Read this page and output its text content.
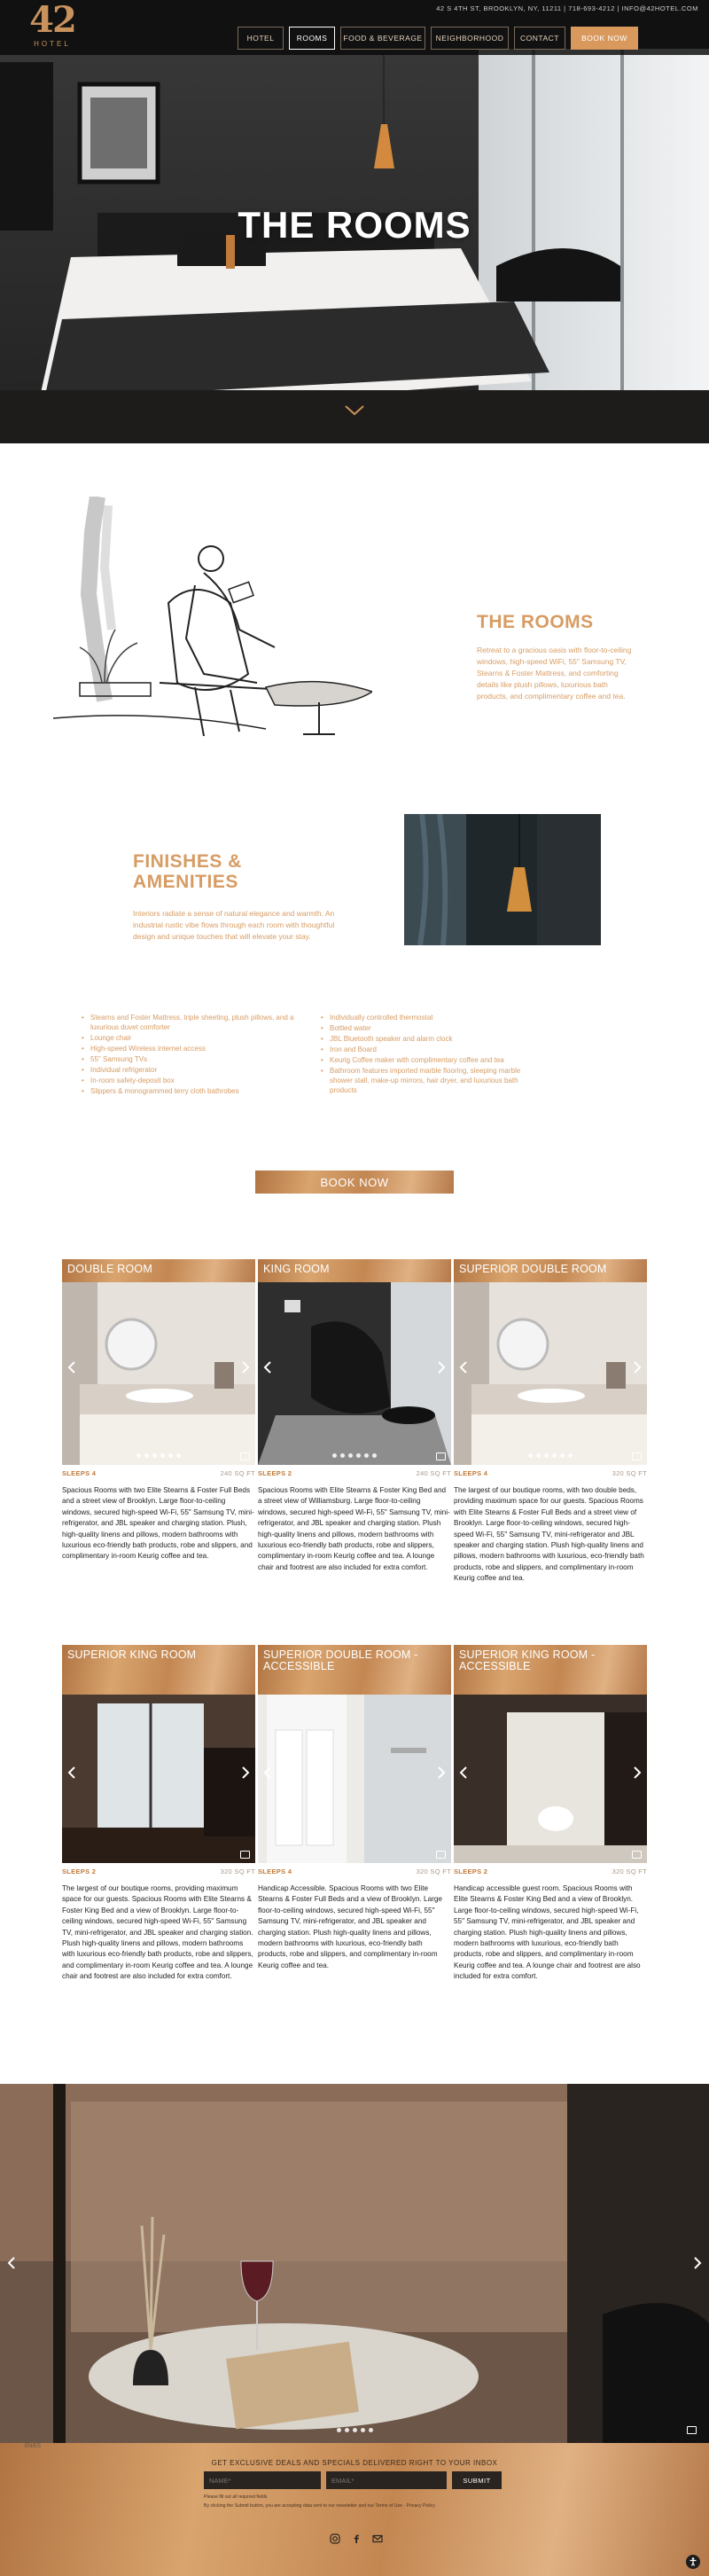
THE ROOMS
42
HOTEL
42 S 4TH ST, BROOKLYN, NY, 11211 | 718-693-4212 | INFO@42HOTEL.COM
HOTEL	ROOMS	FOOD & BEVERAGE	NEIGHBORHOOD	CONTACT	BOOK NOW
THE ROOMS

Retreat to a gracious oasis with floor-to-ceiling windows, high-speed WiFi, 55" Samsung TV, Stearns & Foster Mattress, and comforting details like plush pillows, luxurious bath products, and complimentary coffee and tea.

FINISHES &
AMENITIES

Interiors radiate a sense of natural elegance and warmth. An industrial rustic vibe flows through each room with thoughtful design and unique touches that will elevate your stay.

• Stearns and Foster Mattress, triple sheeting, plush pillows, and a luxurious duvet comforter
• Lounge chair
• High-speed Wireless internet access
• 55" Samsung TVs
• Individual refrigerator
• In-room safety-deposit box
• Slippers & monogrammed terry cloth bathrobes
• Individually controlled thermostat
• Bottled water
• JBL Bluetooth speaker and alarm clock
• Iron and Board
• Keurig Coffee maker with complimentary coffee and tea
• Bathroom features imported marble flooring, sleeping marble shower stall, make-up mirrors, hair dryer, and luxurious bath products
BOOK NOW
DOUBLE ROOM
SLEEPS 4	240 SQ FT

Spacious Rooms with two Elite Stearns & Foster Full Beds and a street view of Brooklyn. Large floor-to-ceiling windows, secured high-speed Wi-Fi, 55" Samsung TV, mini-refrigerator, and JBL speaker and charging station. Plush, high-quality linens and pillows, modern bathrooms with luxurious eco-friendly bath products, robe and slippers, and complimentary in-room Keurig coffee and tea.

KING ROOM
SLEEPS 2	240 SQ FT

Spacious Rooms with Elite Stearns & Foster King Bed and a street view of Williamsburg. Large floor-to-ceiling windows, secured high-speed Wi-Fi, 55" Samsung TV, mini-refrigerator, and JBL speaker and charging station. Plush high-quality linens and pillows, modern bathrooms with luxurious eco-friendly bath products, robe and slippers, complimentary in-room Keurig coffee and tea. A lounge chair and footrest are also included for extra comfort.

SUPERIOR DOUBLE ROOM
SLEEPS 4	320 SQ FT

The largest of our boutique rooms, with two double beds, providing maximum space for our guests. Spacious Rooms with Elite Stearns & Foster Full Beds and a street view of Brooklyn. Large floor-to-ceiling windows, secured high-speed Wi-Fi, 55" Samsung TV, mini-refrigerator and JBL speaker and charging station. Plush high-quality linens and pillows, modern bathrooms with luxurious, eco-friendly bath products, robe and slippers, and complimentary in-room Keurig coffee and tea.

SUPERIOR KING ROOM
SLEEPS 2	320 SQ FT

The largest of our boutique rooms, providing maximum space for our guests. Spacious Rooms with Elite Stearns & Foster King Bed and a view of Brooklyn. Large floor-to-ceiling windows, secured high-speed Wi-Fi, 55" Samsung TV, mini-refrigerator, and JBL speaker and charging station. Plush high-quality linens and pillows, modern bathrooms with luxurious eco-friendly bath products, robe and slippers, and complimentary in-room Keurig coffee and tea. A lounge chair and footrest are also included for extra comfort.

SUPERIOR DOUBLE ROOM - ACCESSIBLE
SLEEPS 4	320 SQ FT

Handicap Accessible. Spacious Rooms with two Elite Stearns & Foster Full Beds and a view of Brooklyn. Large floor-to-ceiling windows, secured high-speed Wi-Fi, 55" Samsung TV, mini-refrigerator, and JBL speaker and charging station. Plush high-quality linens and pillows, modern bathrooms with luxurious, eco-friendly bath products, robe and slippers, and complimentary in-room Keurig coffee and tea.

SUPERIOR KING ROOM - ACCESSIBLE
SLEEPS 2	320 SQ FT

Handicap accessible guest room. Spacious Rooms with Elite Stearns & Foster King Bed and a view of Brooklyn. Large floor-to-ceiling windows, secured high-speed Wi-Fi, 55" Samsung TV, mini-refrigerator, and JBL speaker and charging station. Plush high-quality linens and pillows, modern bathrooms with luxurious, eco-friendly bath products, robe and slippers, and complimentary in-room Keurig coffee and tea. A lounge chair and footrest are also included for extra comfort.

EN/ES
GET EXCLUSIVE DEALS AND SPECIALS DELIVERED RIGHT TO YOUR INBOX
NAME*
EMAIL*
SUBMIT
Please fill out all required fields
By clicking the Submit button, you are accepting data sent to our newsletter and our Terms of Use · Privacy Policy
